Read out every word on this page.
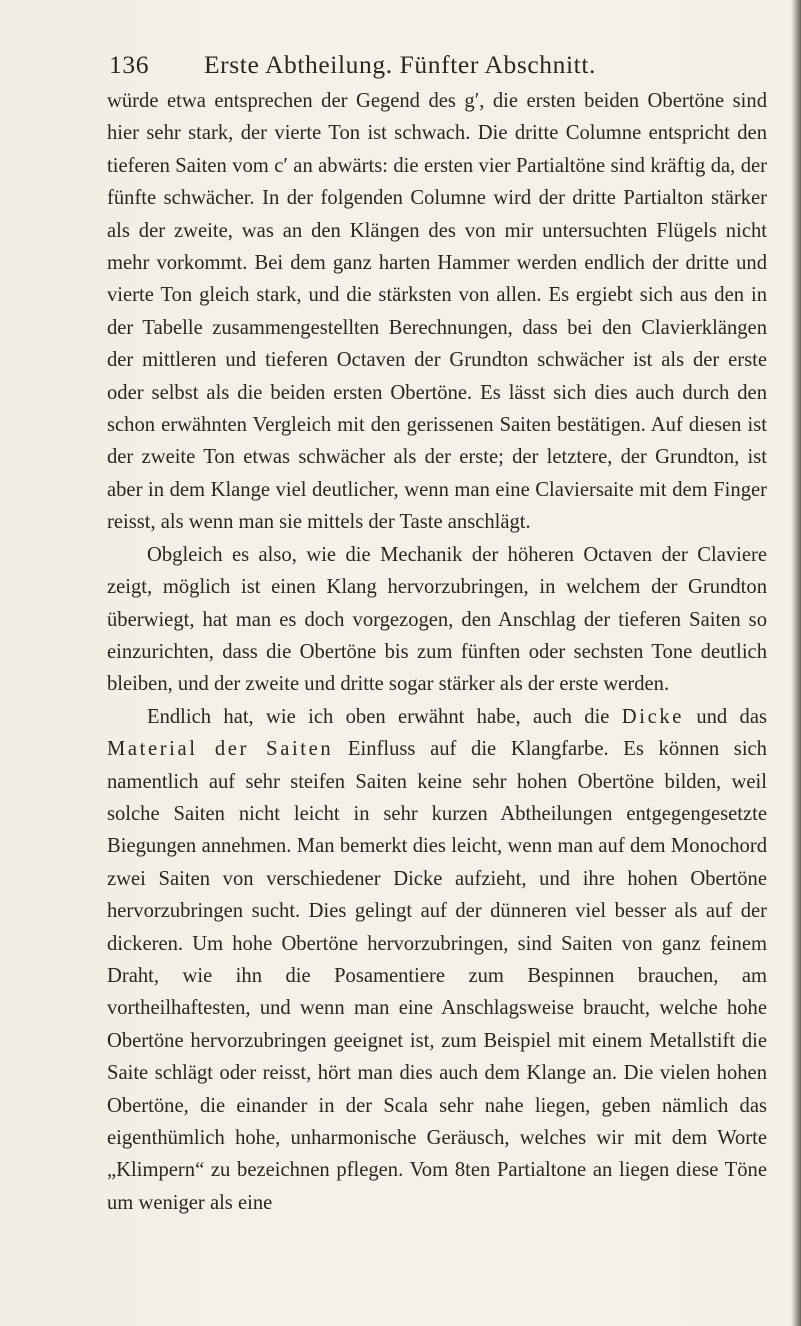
136 Erste Abtheilung. Fünfter Abschnitt.

würde etwa entsprechen der Gegend des g′, die ersten beiden Obertöne sind hier sehr stark, der vierte Ton ist schwach. Die dritte Columne entspricht den tieferen Saiten vom c′ an abwärts: die ersten vier Partialtöne sind kräftig da, der fünfte schwächer. In der folgenden Columne wird der dritte Partialton stärker als der zweite, was an den Klängen des von mir untersuchten Flügels nicht mehr vorkommt. Bei dem ganz harten Hammer werden endlich der dritte und vierte Ton gleich stark, und die stärksten von allen. Es ergiebt sich aus den in der Tabelle zusammengestellten Berechnungen, dass bei den Clavierklängen der mittleren und tieferen Octaven der Grundton schwächer ist als der erste oder selbst als die beiden ersten Obertöne. Es lässt sich dies auch durch den schon erwähnten Vergleich mit den gerissenen Saiten bestätigen. Auf diesen ist der zweite Ton etwas schwächer als der erste; der letztere, der Grundton, ist aber in dem Klange viel deutlicher, wenn man eine Claviersaite mit dem Finger reisst, als wenn man sie mittels der Taste anschlägt.

Obgleich es also, wie die Mechanik der höheren Octaven der Claviere zeigt, möglich ist einen Klang hervorzubringen, in welchem der Grundton überwiegt, hat man es doch vorgezogen, den Anschlag der tieferen Saiten so einzurichten, dass die Obertöne bis zum fünften oder sechsten Tone deutlich bleiben, und der zweite und dritte sogar stärker als der erste werden.

Endlich hat, wie ich oben erwähnt habe, auch die Dicke und das Material der Saiten Einfluss auf die Klangfarbe. Es können sich namentlich auf sehr steifen Saiten keine sehr hohen Obertöne bilden, weil solche Saiten nicht leicht in sehr kurzen Abtheilungen entgegengesetzte Biegungen annehmen. Man bemerkt dies leicht, wenn man auf dem Monochord zwei Saiten von verschiedener Dicke aufzieht, und ihre hohen Obertöne hervorzubringen sucht. Dies gelingt auf der dünneren viel besser als auf der dickeren. Um hohe Obertöne hervorzubringen, sind Saiten von ganz feinem Draht, wie ihn die Posamentiere zum Bespinnen brauchen, am vortheilhaftesten, und wenn man eine Anschlagsweise braucht, welche hohe Obertöne hervorzubringen geeignet ist, zum Beispiel mit einem Metallstift die Saite schlägt oder reisst, hört man dies auch dem Klange an. Die vielen hohen Obertöne, die einander in der Scala sehr nahe liegen, geben nämlich das eigenthümlich hohe, unharmonische Geräusch, welches wir mit dem Worte „Klimpern“ zu bezeichnen pflegen. Vom 8ten Partialtone an liegen diese Töne um weniger als eine
